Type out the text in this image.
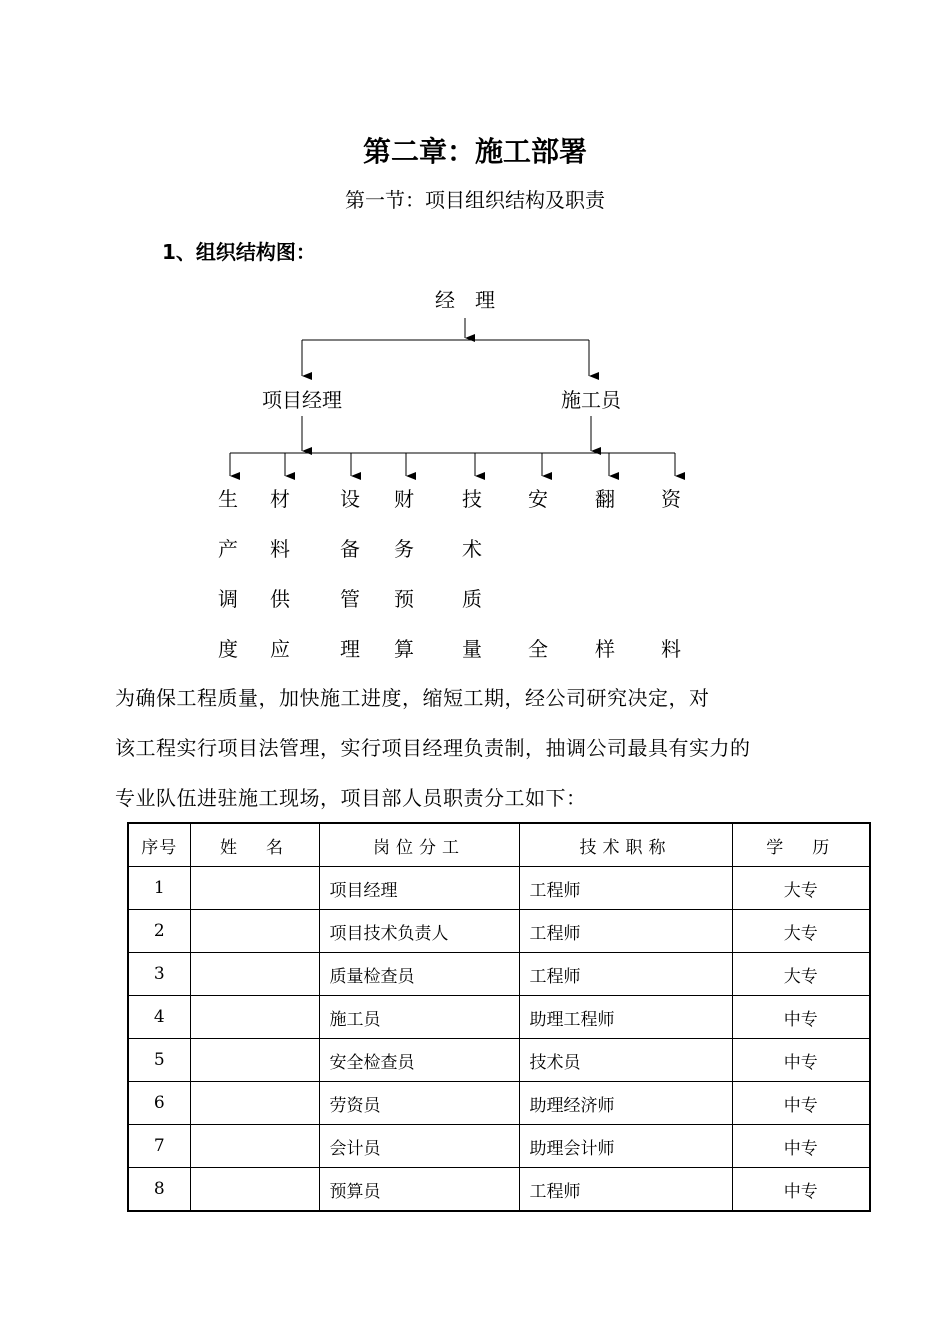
第二章：施工部署
第一节：项目组织结构及职责
1、组织结构图：
经　理
项目经理	施工员
生
产
调
度
材
料
供
应
设
备
管
理
财
务
预
算
技
术
质
量
安
全
翻
样
资
料
为确保工程质量，加快施工进度，缩短工期，经公司研究决定，对
该工程实行项目法管理，实行项目经理负责制，抽调公司最具有实力的
专业队伍进驻施工现场，项目部人员职责分工如下：
序号	姓　名	岗位分工	技术职称	学　历
1		项目经理	工程师	大专
2		项目技术负责人	工程师	大专
3		质量检查员	工程师	大专
4		施工员	助理工程师	中专
5		安全检查员	技术员	中专
6		劳资员	助理经济师	中专
7		会计员	助理会计师	中专
8		预算员	工程师	中专
